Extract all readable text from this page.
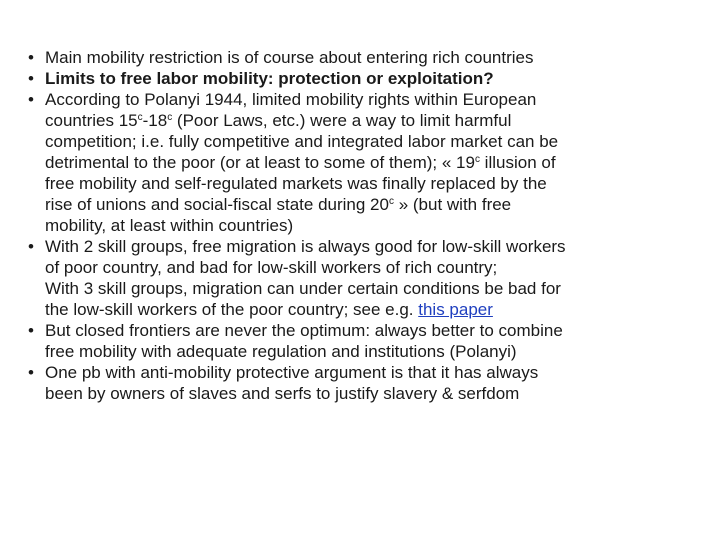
• Main mobility restriction is of course about entering rich countries
• Limits to free labor mobility: protection or exploitation?
• According to Polanyi 1944, limited mobility rights within European
countries 15$^c$-18$^c$ (Poor Laws, etc.) were a way to limit harmful
competition; i.e. fully competitive and integrated labor market can be
detrimental to the poor (or at least to some of them); « 19$^c$ illusion of
free mobility and self-regulated markets was finally replaced by the
rise of unions and social-fiscal state during 20$^c$ » (but with free
mobility, at least within countries)
• With 2 skill groups, free migration is always good for low-skill workers
of poor country, and bad for low-skill workers of rich country;
With 3 skill groups, migration can under certain conditions be bad for
the low-skill workers of the poor country; see e.g. this paper
• But closed frontiers are never the optimum: always better to combine
free mobility with adequate regulation and institutions (Polanyi)
• One pb with anti-mobility protective argument is that it has always
been by owners of slaves and serfs to justify slavery & serfdom
